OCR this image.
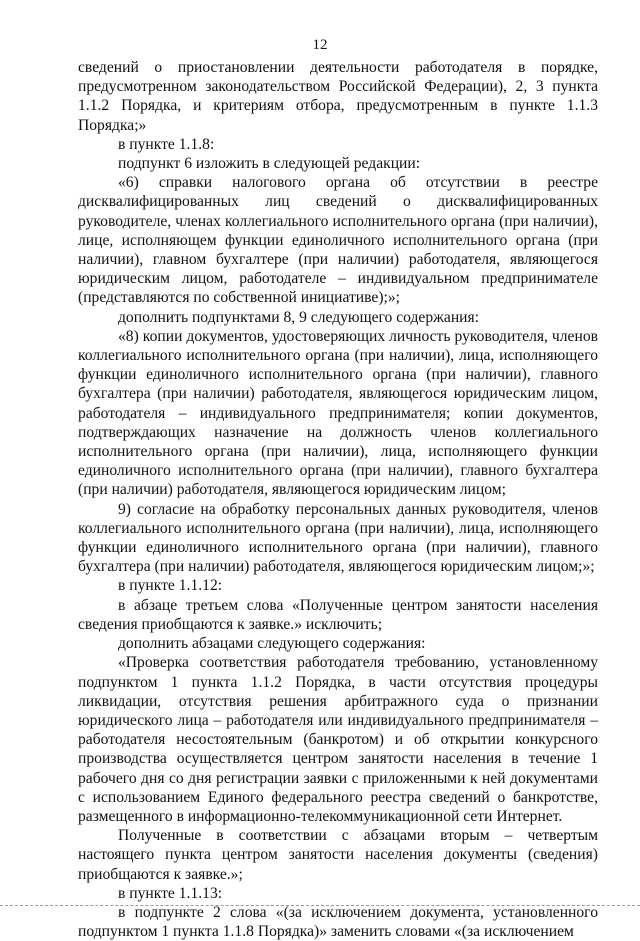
12

сведений о приостановлении деятельности работодателя в порядке, предусмотренном законодательством Российской Федерации), 2, 3 пункта 1.1.2 Порядка, и критериям отбора, предусмотренным в пункте 1.1.3 Порядка;»

в пункте 1.1.8:

подпункт 6 изложить в следующей редакции:

«6) справки налогового органа об отсутствии в реестре дисквалифицированных лиц сведений о дисквалифицированных руководителе, членах коллегиального исполнительного органа (при наличии), лице, исполняющем функции единоличного исполнительного органа (при наличии), главном бухгалтере (при наличии) работодателя, являющегося юридическим лицом, работодателе – индивидуальном предпринимателе (представляются по собственной инициативе);»;

дополнить подпунктами 8, 9 следующего содержания:

«8) копии документов, удостоверяющих личность руководителя, членов коллегиального исполнительного органа (при наличии), лица, исполняющего функции единоличного исполнительного органа (при наличии), главного бухгалтера (при наличии) работодателя, являющегося юридическим лицом, работодателя – индивидуального предпринимателя; копии документов, подтверждающих назначение на должность членов коллегиального исполнительного органа (при наличии), лица, исполняющего функции единоличного исполнительного органа (при наличии), главного бухгалтера (при наличии) работодателя, являющегося юридическим лицом;

9) согласие на обработку персональных данных руководителя, членов коллегиального исполнительного органа (при наличии), лица, исполняющего функции единоличного исполнительного органа (при наличии), главного бухгалтера (при наличии) работодателя, являющегося юридическим лицом;»;

в пункте 1.1.12:

в абзаце третьем слова «Полученные центром занятости населения сведения приобщаются к заявке.» исключить;

дополнить абзацами следующего содержания:

«Проверка соответствия работодателя требованию, установленному подпунктом 1 пункта 1.1.2 Порядка, в части отсутствия процедуры ликвидации, отсутствия решения арбитражного суда о признании юридического лица – работодателя или индивидуального предпринимателя – работодателя несостоятельным (банкротом) и об открытии конкурсного производства осуществляется центром занятости населения в течение 1 рабочего дня со дня регистрации заявки с приложенными к ней документами с использованием Единого федерального реестра сведений о банкротстве, размещенного в информационно-телекоммуникационной сети Интернет.

Полученные в соответствии с абзацами вторым – четвертым настоящего пункта центром занятости населения документы (сведения) приобщаются к заявке.»;

в пункте 1.1.13:

в подпункте 2 слова «(за исключением документа, установленного подпунктом 1 пункта 1.1.8 Порядка)» заменить словами «(за исключением
